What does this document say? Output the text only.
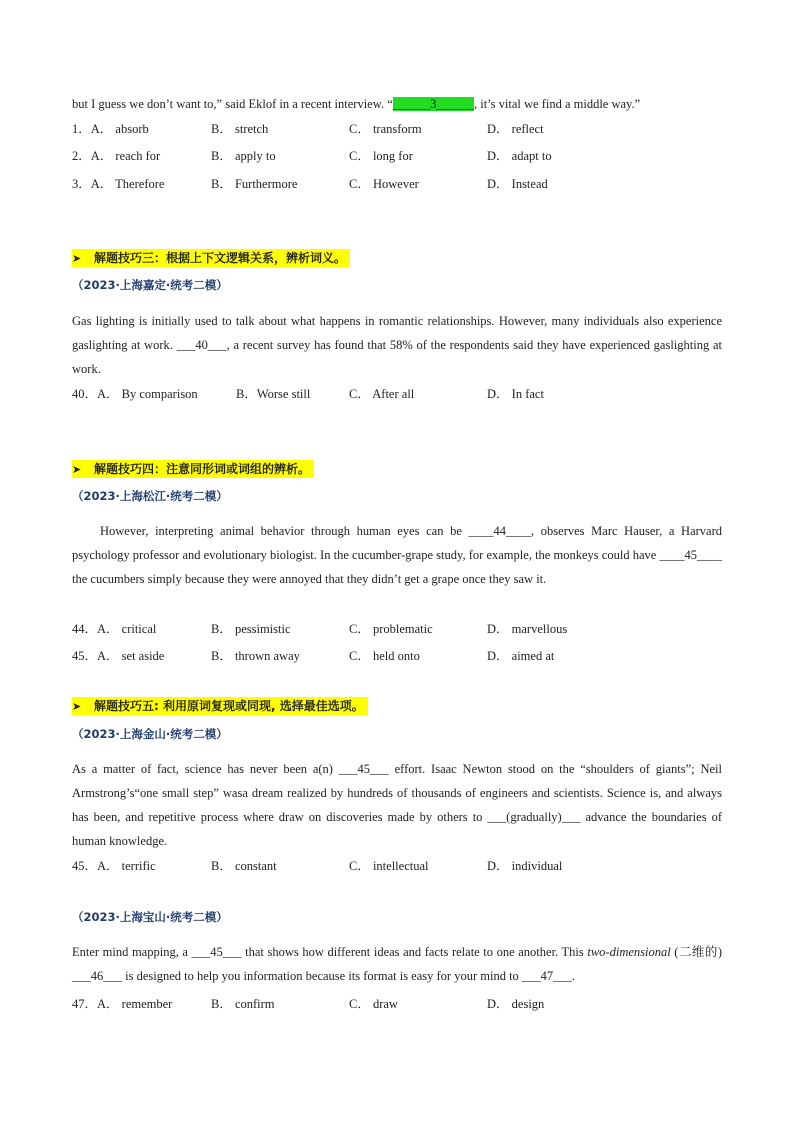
but I guess we don’t want to,” said Eklof in a recent interview. “______3______, it’s vital we find a middle way.”
1．A． absorb	B． stretch	C． transform	D． reflect
2．A． reach for	B． apply to	C． long for	D． adapt to
3．A． Therefore	B． Furthermore	C． However	D． Instead
➤ 解题技巧三：根据上下文逻辑关系，辨析词义。
（2023·上海嘉定·统考二模）
Gas lighting is initially used to talk about what happens in romantic relationships. However, many individuals also experience gaslighting at work. ___40___, a recent survey has found that 58% of the respondents said they have experienced gaslighting at work.
40．A． By comparison	B．Worse still	C． After all	D． In fact
➤ 解题技巧四：注意同形词或词组的辨析。
（2023·上海松江·统考二模）
However, interpreting animal behavior through human eyes can be ____44____, observes Marc Hauser, a Harvard psychology professor and evolutionary biologist. In the cucumber-grape study, for example, the monkeys could have ____45____ the cucumbers simply because they were annoyed that they didn’t get a grape once they saw it.
44．A． critical	B． pessimistic	C． problematic	D． marvellous
45．A． set aside	B． thrown away	C． held onto	D． aimed at
➤ 解题技巧五: 利用原词复现或同现, 选择最佳选项。
（2023·上海金山·统考二模）
As a matter of fact, science has never been a(n) ___45___ effort. Isaac Newton stood on the “shoulders of giants”; Neil Armstrong’s“one small step” wasa dream realized by hundreds of thousands of engineers and scientists. Science is, and always has been, and repetitive process where draw on discoveries made by others to ___(gradually)___ advance the boundaries of human knowledge.
45．A． terrific	B． constant	C． intellectual	D． individual
（2023·上海宝山·统考二模）
Enter mind mapping, a ___45___ that shows how different ideas and facts relate to one another. This two-dimensional (二维的) ___46___ is designed to help you information because its format is easy for your mind to ___47___.
47．A． remember	B． confirm	C． draw	D． design
